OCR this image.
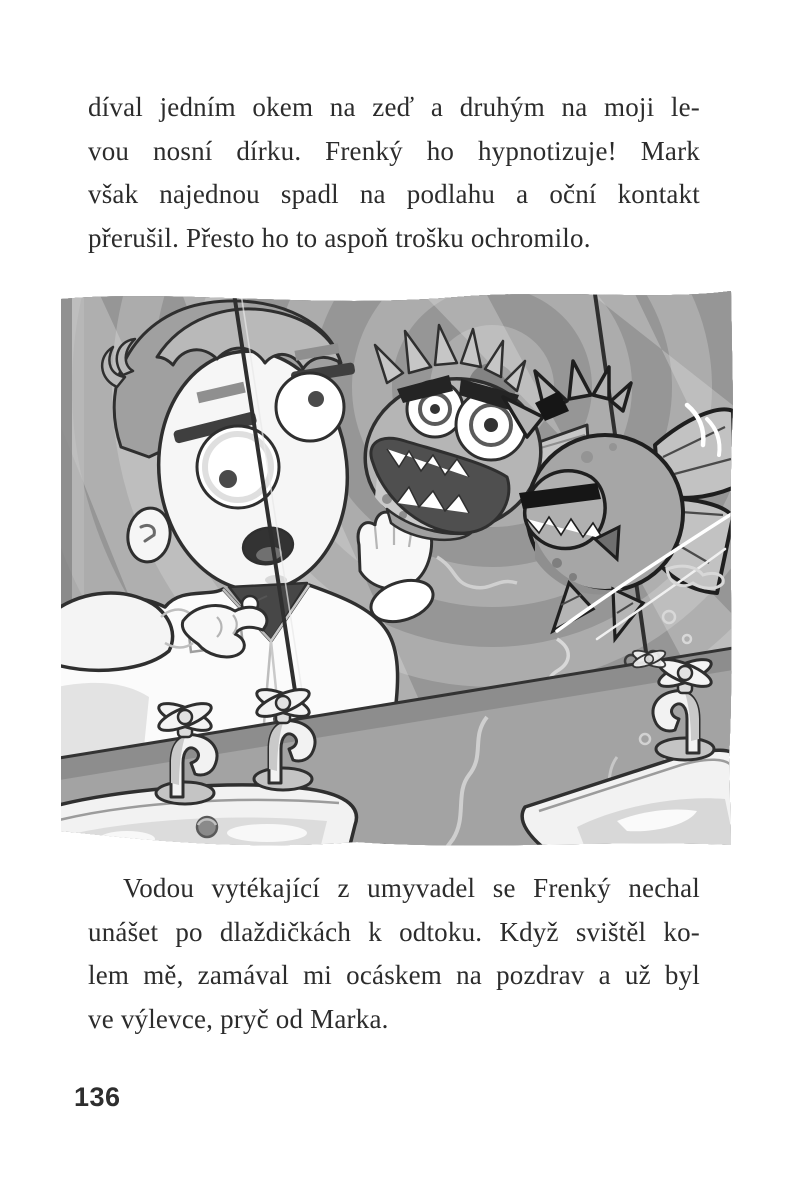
díval jedním okem na zeď a druhým na moji le-
vou nosní dírku. Frenký ho hypnotizuje! Mark
však najednou spadl na podlahu a oční kontakt
přerušil. Přesto ho to aspoň trošku ochromilo.
Vodou vytékající z umyvadel se Frenký nechal
unášet po dlaždičkách k odtoku. Když svištěl ko-
lem mě, zamával mi ocáskem na pozdrav a už byl
ve výlevce, pryč od Marka.
136
